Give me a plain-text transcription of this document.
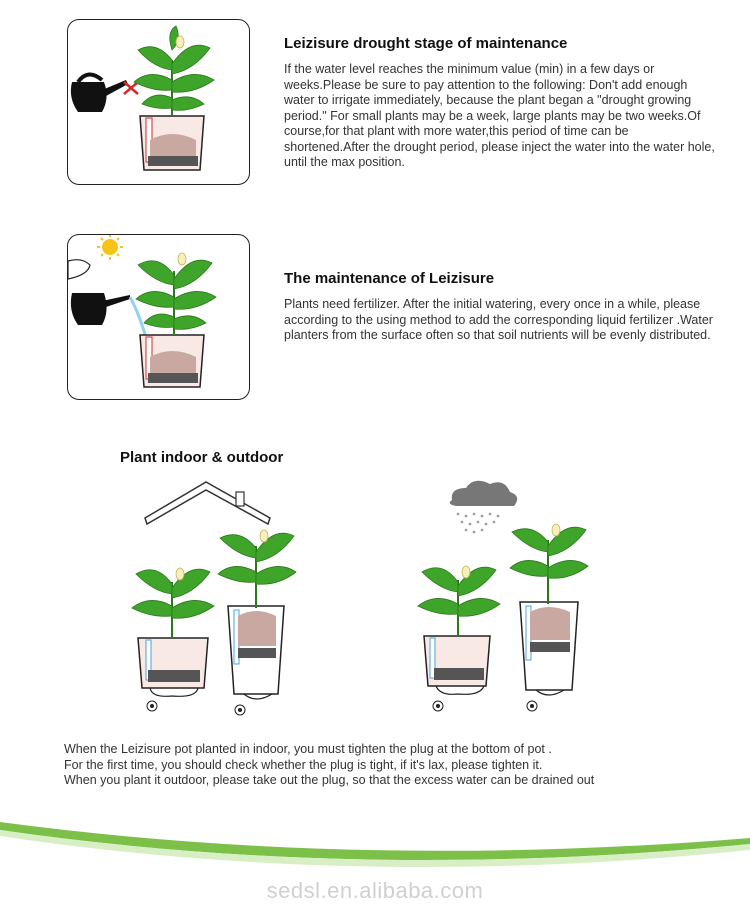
Leizisure drought stage of maintenance

If the water level reaches the minimum value (min) in a few days or weeks.Please be sure to pay attention to the following: Don't add enough water to irrigate immediately, because the plant began a "drought growing period." For small plants may be a week, large plants may be two weeks.Of course,for that plant with more water,this period of time can be shortened.After the drought period, please inject the water into the water hole, until the max position.

The maintenance of Leizisure

Plants need fertilizer. After the initial watering, every once in a while, please according to the using method to add the corresponding liquid fertilizer .Water planters from the surface often so that soil nutrients will be evenly distributed.

Plant indoor & outdoor
When the Leizisure pot planted in indoor, you must tighten the plug at the bottom of pot .
For the first time, you should check whether the plug is tight, if it's lax, please tighten it.
When you plant it outdoor, please take out the plug, so that the excess water can be drained out
sedsl.en.alibaba.com
